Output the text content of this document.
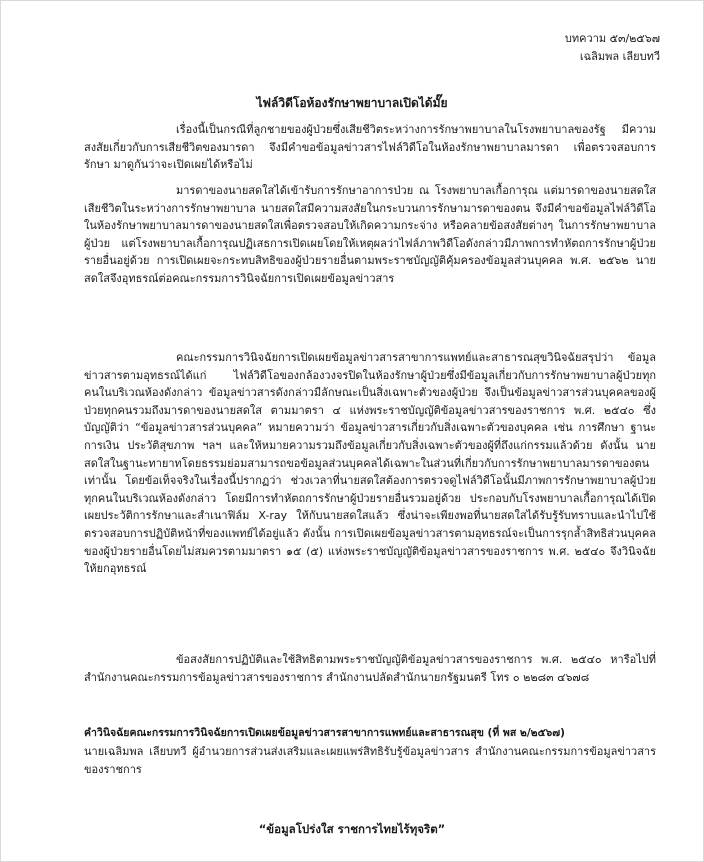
บทความ ๕๓/๒๕๖๗
เฉลิมพล เลียบทวี
ไฟล์วิดีโอห้องรักษาพยาบาลเปิดได้มั๊ย

เรื่องนี้เป็นกรณีที่ลูกชายของผู้ป่วยซึ่งเสียชีวิตระหว่างการรักษาพยาบาลในโรงพยาบาลของรัฐ มีความสงสัยเกี่ยวกับการเสียชีวิตของมารดา จึงมีคำขอข้อมูลข่าวสารไฟล์วิดีโอในห้องรักษาพยาบาลมารดา เพื่อตรวจสอบการรักษา มาดูกันว่าจะเปิดเผยได้หรือไม่

มารดาของนายสดใสได้เข้ารับการรักษาอาการป่วย ณ โรงพยาบาลเกื้อการุณ แต่มารดาของนายสดใสเสียชีวิตในระหว่างการรักษาพยาบาล นายสดใสมีความสงสัยในกระบวนการรักษามารดาของตน จึงมีคำขอข้อมูลไฟล์วิดีโอในห้องรักษาพยาบาลมารดาของนายสดใสเพื่อตรวจสอบให้เกิดความกระจ่าง หรือคลายข้อสงสัยต่างๆ ในการรักษาพยาบาลผู้ป่วย แต่โรงพยาบาลเกื้อการุณปฏิเสธการเปิดเผยโดยให้เหตุผลว่าไฟล์ภาพวิดีโอดังกล่าวมีภาพการทำหัตถการรักษาผู้ป่วยรายอื่นอยู่ด้วย การเปิดเผยจะกระทบสิทธิของผู้ป่วยรายอื่นตามพระราชบัญญัติคุ้มครองข้อมูลส่วนบุคคล พ.ศ. ๒๕๖๒ นายสดใสจึงอุทธรณ์ต่อคณะกรรมการวินิจฉัยการเปิดเผยข้อมูลข่าวสาร

คณะกรรมการวินิจฉัยการเปิดเผยข้อมูลข่าวสารสาขาการแพทย์และสาธารณสุขวินิจฉัยสรุปว่า ข้อมูลข่าวสารตามอุทธรณ์ได้แก่ ไฟล์วิดีโอของกล้องวงจรปิดในห้องรักษาผู้ป่วยซึ่งมีข้อมูลเกี่ยวกับการรักษาพยาบาลผู้ป่วยทุกคนในบริเวณห้องดังกล่าว ข้อมูลข่าวสารดังกล่าวมีลักษณะเป็นสิ่งเฉพาะตัวของผู้ป่วย จึงเป็นข้อมูลข่าวสารส่วนบุคคลของผู้ป่วยทุกคนรวมถึงมารดาของนายสดใส ตามมาตรา ๔ แห่งพระราชบัญญัติข้อมูลข่าวสารของราชการ พ.ศ. ๒๕๔๐ ซึ่งบัญญัติว่า “ข้อมูลข่าวสารส่วนบุคคล” หมายความว่า ข้อมูลข่าวสารเกี่ยวกับสิ่งเฉพาะตัวของบุคคล เช่น การศึกษา ฐานะการเงิน ประวัติสุขภาพ ฯลฯ และให้หมายความรวมถึงข้อมูลเกี่ยวกับสิ่งเฉพาะตัวของผู้ที่ถึงแก่กรรมแล้วด้วย ดังนั้น นายสดใสในฐานะทายาทโดยธรรมย่อมสามารถขอข้อมูลส่วนบุคคลได้เฉพาะในส่วนที่เกี่ยวกับการรักษาพยาบาลมารดาของตนเท่านั้น โดยข้อเท็จจริงในเรื่องนี้ปรากฏว่า ช่วงเวลาที่นายสดใสต้องการตรวจดูไฟล์วิดีโอนั้นมีภาพการรักษาพยาบาลผู้ป่วยทุกคนในบริเวณห้องดังกล่าว โดยมีการทำหัตถการรักษาผู้ป่วยรายอื่นรวมอยู่ด้วย ประกอบกับโรงพยาบาลเกื้อการุณได้เปิดเผยประวัติการรักษาและสำเนาฟิล์ม X-ray ให้กับนายสดใสแล้ว ซึ่งน่าจะเพียงพอที่นายสดใสได้รับรู้รับทราบและนำไปใช้ตรวจสอบการปฏิบัติหน้าที่ของแพทย์ได้อยู่แล้ว ดังนั้น การเปิดเผยข้อมูลข่าวสารตามอุทธรณ์จะเป็นการรุกล้ำสิทธิส่วนบุคคลของผู้ป่วยรายอื่นโดยไม่สมควรตามมาตรา ๑๕ (๕) แห่งพระราชบัญญัติข้อมูลข่าวสารของราชการ พ.ศ. ๒๕๔๐ จึงวินิจฉัยให้ยกอุทธรณ์

ข้อสงสัยการปฏิบัติและใช้สิทธิตามพระราชบัญญัติข้อมูลข่าวสารของราชการ พ.ศ. ๒๕๔๐ หารือไปที่สำนักงานคณะกรรมการข้อมูลข่าวสารของราชการ สำนักงานปลัดสำนักนายกรัฐมนตรี โทร ๐ ๒๒๘๓ ๔๖๗๘

คำวินิจฉัยคณะกรรมการวินิจฉัยการเปิดเผยข้อมูลข่าวสารสาขาการแพทย์และสาธารณสุข (ที่ พส ๒/๒๕๖๗)

นายเฉลิมพล เลียบทวี ผู้อำนวยการส่วนส่งเสริมและเผยแพร่สิทธิรับรู้ข้อมูลข่าวสาร สำนักงานคณะกรรมการข้อมูลข่าวสารของราชการ

“ข้อมูลโปร่งใส ราชการไทยไร้ทุจริต”
